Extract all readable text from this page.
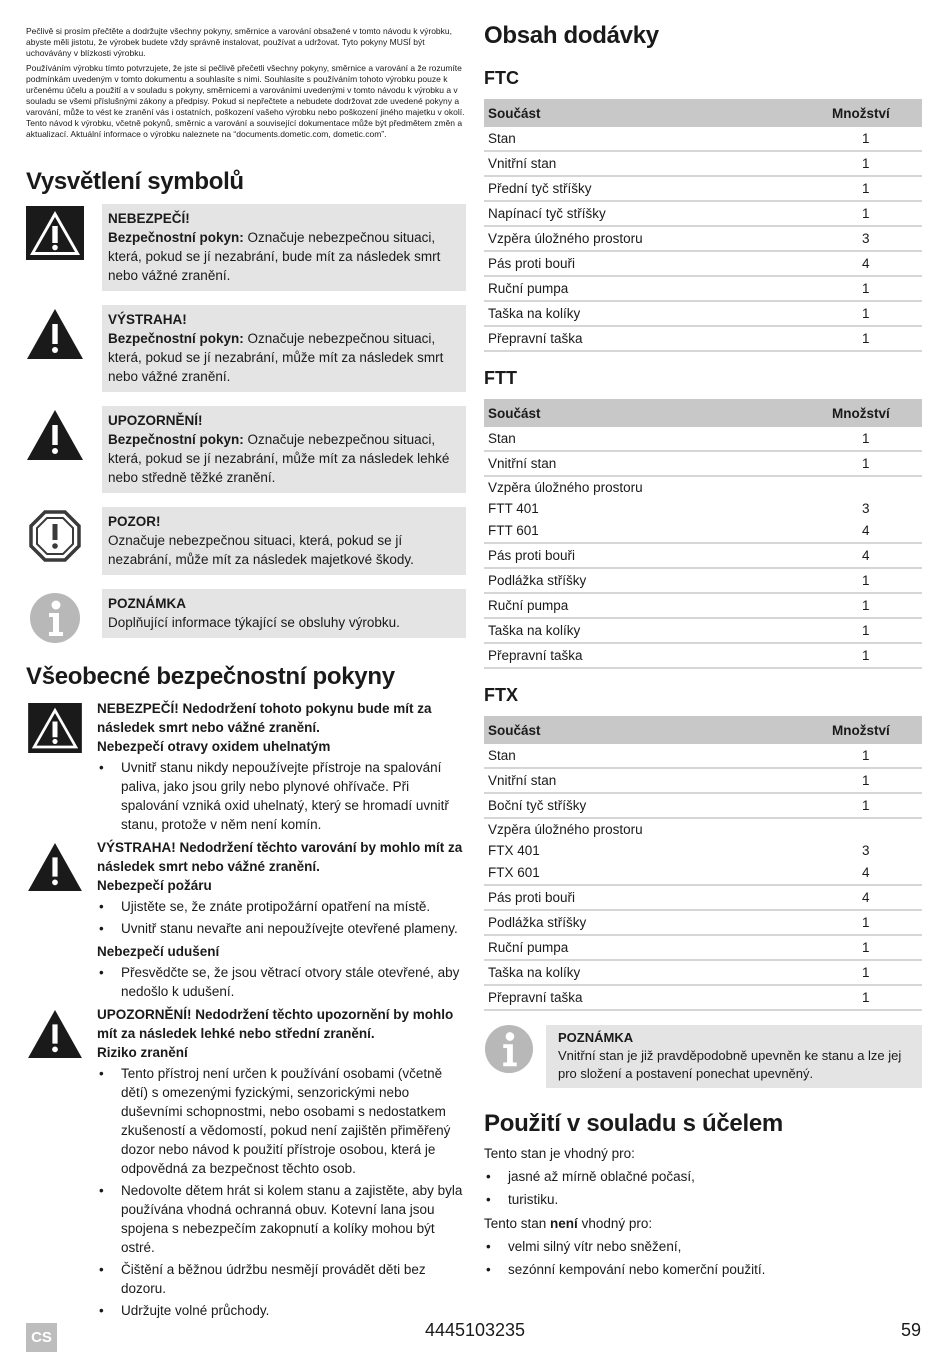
Pečlivě si prosím přečtěte a dodržujte všechny pokyny, směrnice a varování obsažené v tomto návodu k výrobku, abyste měli jistotu, že výrobek budete vždy správně instalovat, používat a udržovat. Tyto pokyny MUSÍ být uchovávány v blízkosti výrobku.

Používáním výrobku tímto potvrzujete, že jste si pečlivě přečetli všechny pokyny, směrnice a varování a že rozumíte podmínkám uvedeným v tomto dokumentu a souhlasíte s nimi. Souhlasíte s používáním tohoto výrobku pouze k určenému účelu a použití a v souladu s pokyny, směrnicemi a varováními uvedenými v tomto návodu k výrobku a v souladu se všemi příslušnými zákony a předpisy. Pokud si nepřečtete a nebudete dodržovat zde uvedené pokyny a varování, může to vést ke zranění vás i ostatních, poškození vašeho výrobku nebo poškození jiného majetku v okolí. Tento návod k výrobku, včetně pokynů, směrnic a varování a související dokumentace může být předmětem změn a aktualizací. Aktuální informace o výrobku naleznete na “documents.dometic.com, dometic.com”.

Vysvětlení symbolů
NEBEZPEČÍ!
Bezpečnostní pokyn: Označuje nebezpečnou situaci, která, pokud se jí nezabrání, bude mít za následek smrt nebo vážné zranění.
VÝSTRAHA!
Bezpečnostní pokyn: Označuje nebezpečnou situaci, která, pokud se jí nezabrání, může mít za následek smrt nebo vážné zranění.
UPOZORNĚNÍ!
Bezpečnostní pokyn: Označuje nebezpečnou situaci, která, pokud se jí nezabrání, může mít za následek lehké nebo středně těžké zranění.
POZOR!
Označuje nebezpečnou situaci, která, pokud se jí nezabrání, může mít za následek majetkové škody.
POZNÁMKA
Doplňující informace týkající se obsluhy výrobku.
Všeobecné bezpečnostní pokyny
NEBEZPEČÍ! Nedodržení tohoto pokynu bude mít za následek smrt nebo vážné zranění.
Nebezpečí otravy oxidem uhelnatým
• Uvnitř stanu nikdy nepoužívejte přístroje na spalování paliva, jako jsou grily nebo plynové ohřívače. Při spalování vzniká oxid uhelnatý, který se hromadí uvnitř stanu, protože v něm není komín.
VÝSTRAHA! Nedodržení těchto varování by mohlo mít za následek smrt nebo vážné zranění.
Nebezpečí požáru
• Ujistěte se, že znáte protipožární opatření na místě.
• Uvnitř stanu nevařte ani nepoužívejte otevřené plameny.
Nebezpečí udušení
• Přesvědčte se, že jsou větrací otvory stále otevřené, aby nedošlo k udušení.
UPOZORNĚNÍ! Nedodržení těchto upozornění by mohlo mít za následek lehké nebo střední zranění.
Riziko zranění
• Tento přístroj není určen k používání osobami (včetně dětí) s omezenými fyzickými, senzorickými nebo duševními schopnostmi, nebo osobami s nedostatkem zkušeností a vědomostí, pokud není zajištěn přiměřený dozor nebo návod k použití přístroje osobou, která je odpovědná za bezpečnost těchto osob.
• Nedovolte dětem hrát si kolem stanu a zajistěte, aby byla používána vhodná ochranná obuv. Kotevní lana jsou spojena s nebezpečím zakopnutí a kolíky mohou být ostré.
• Čištění a běžnou údržbu nesmějí provádět děti bez dozoru.
• Udržujte volné průchody.
Obsah dodávky
FTC
Součást	Množství
Stan	1
Vnitřní stan	1
Přední tyč stříšky	1
Napínací tyč stříšky	1
Vzpěra úložného prostoru	3
Pás proti bouři	4
Ruční pumpa	1
Taška na kolíky	1
Přepravní taška	1
FTT
Součást	Množství
Stan	1
Vnitřní stan	1
Vzpěra úložného prostoru	
FTT 401	3
FTT 601	4
Pás proti bouři	4
Podlážka stříšky	1
Ruční pumpa	1
Taška na kolíky	1
Přepravní taška	1
FTX
Součást	Množství
Stan	1
Vnitřní stan	1
Boční tyč stříšky	1
Vzpěra úložného prostoru	
FTX 401	3
FTX 601	4
Pás proti bouři	4
Podlážka stříšky	1
Ruční pumpa	1
Taška na kolíky	1
Přepravní taška	1
POZNÁMKA
Vnitřní stan je již pravděpodobně upevněn ke stanu a lze jej pro složení a postavení ponechat upevněný.
Použití v souladu s účelem

Tento stan je vhodný pro:

• jasné až mírně oblačné počasí,
• turistiku.

Tento stan není vhodný pro:

• velmi silný vítr nebo sněžení,
• sezónní kempování nebo komerční použití.
CS	4445103235	59
